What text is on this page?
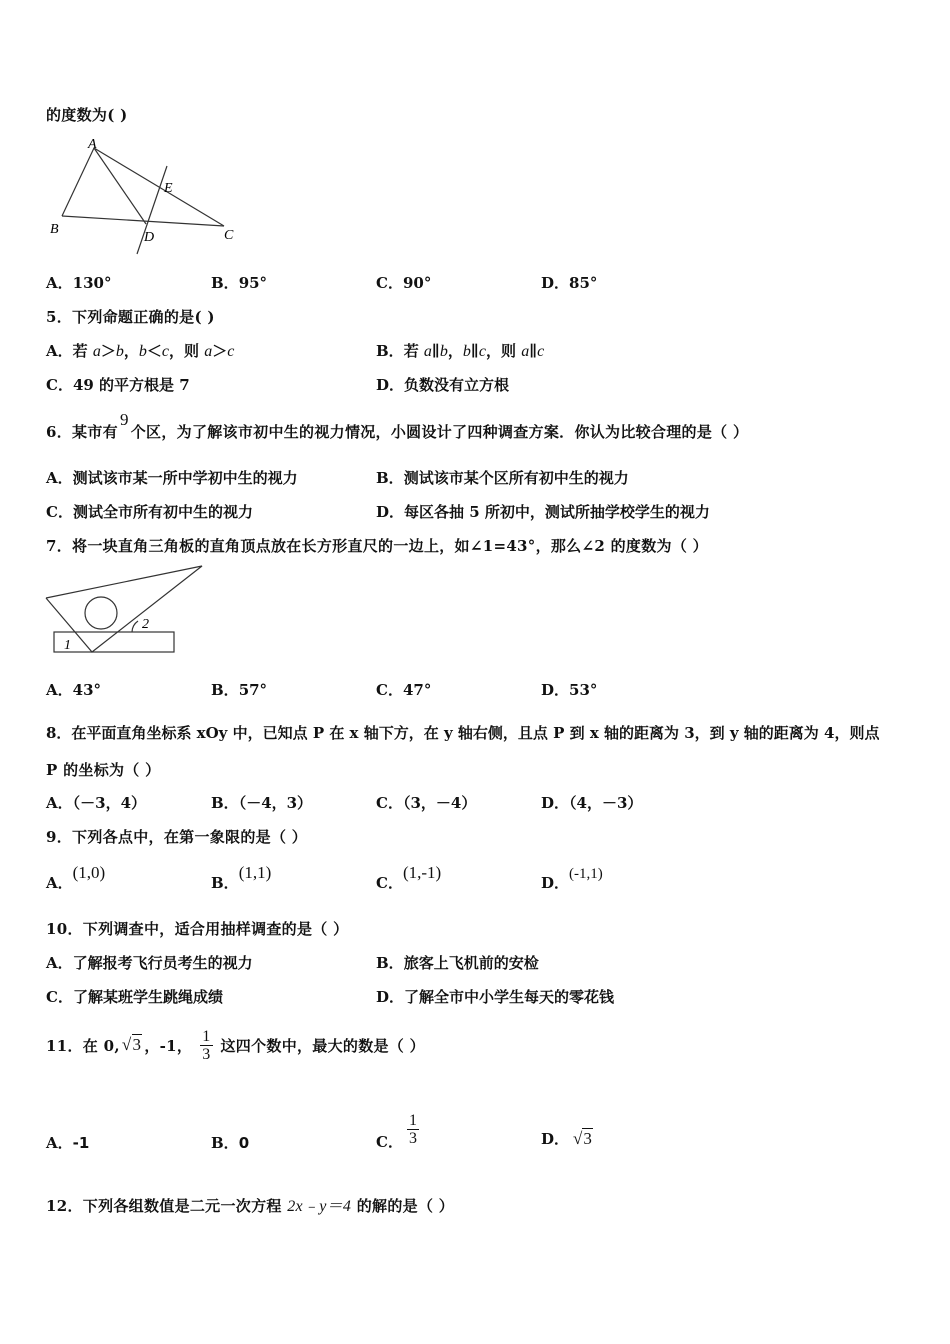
的度数为( )
A
B	C
D
E
A．130°	B．95°	C．90°	D．85°
5．下列命题正确的是( )
A．若 a＞b，b＜c，则 a＞c	B．若 a∥b，b∥c，则 a∥c
C．49 的平方根是 7	D．负数没有立方根
6．某市有9个区，为了解该市初中生的视力情况，小圆设计了四种调查方案．你认为比较合理的是（ ）
A．测试该市某一所中学初中生的视力	B．测试该市某个区所有初中生的视力
C．测试全市所有初中生的视力	D．每区各抽 5 所初中，测试所抽学校学生的视力
7．将一块直角三角板的直角顶点放在长方形直尺的一边上，如∠1=43°，那么∠2 的度数为（ ）
1
2
A．43°	B．57°	C．47°	D．53°
8．在平面直角坐标系 xOy 中，已知点 P 在 x 轴下方，在 y 轴右侧，且点 P 到 x 轴的距离为 3，到 y 轴的距离为 4，则点
P 的坐标为（ ）
A．（－3，4）	B．（－4，3）	C．（3，－4）	D．（4，－3）
9．下列各点中，在第一象限的是（ ）
A．(1,0)
B．(1,1)
C．(1,-1)
D．(-1,1)
10．下列调查中，适合用抽样调查的是（ ）
A．了解报考飞行员考生的视力	B．旅客上飞机前的安检
C．了解某班学生跳绳成绩	D．了解全市中小学生每天的零花钱
11．在 0, √3 ，-1， $\frac{1}{3}$ 这四个数中，最大的数是（ ）
A．-1	B．0	C． $\frac{1}{3}$	D． √3
12．下列各组数值是二元一次方程 2x﹣y＝4 的解的是（ ）
